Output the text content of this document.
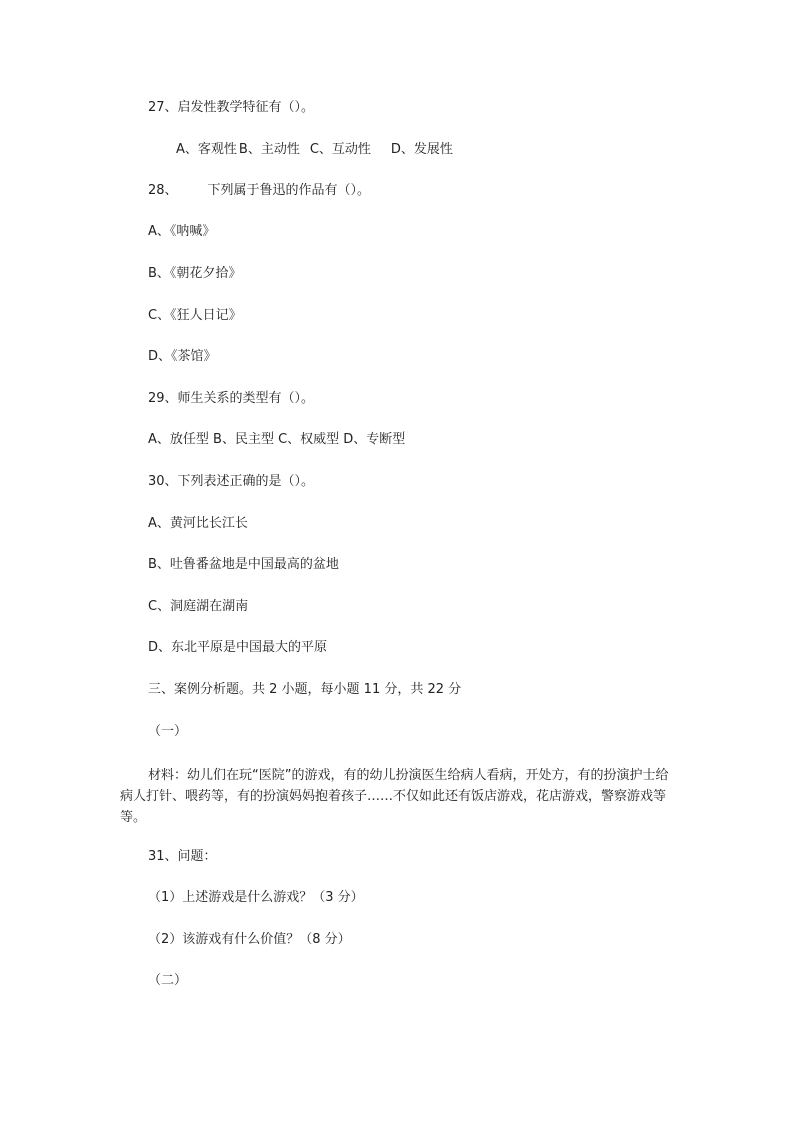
27、启发性教学特征有（）。
A、客观性 B、主动性 C、互动性 D、发展性
28、 下列属于鲁迅的作品有（）。
A、《呐喊》
B、《朝花夕拾》
C、《狂人日记》
D、《茶馆》
29、师生关系的类型有（）。
A、放任型 B、民主型 C、权威型 D、专断型
30、下列表述正确的是（）。
A、黄河比长江长
B、吐鲁番盆地是中国最高的盆地
C、洞庭湖在湖南
D、东北平原是中国最大的平原
三、案例分析题。共 2 小题，每小题 11 分，共 22 分
（一）
材料：幼儿们在玩“医院”的游戏，有的幼儿扮演医生给病人看病，开处方，有的扮演护士给病人打针、喂药等，有的扮演妈妈抱着孩子……不仅如此还有饭店游戏，花店游戏，警察游戏等等。
31、问题：
（1）上述游戏是什么游戏？（3 分）
（2）该游戏有什么价值？（8 分）
（二）
